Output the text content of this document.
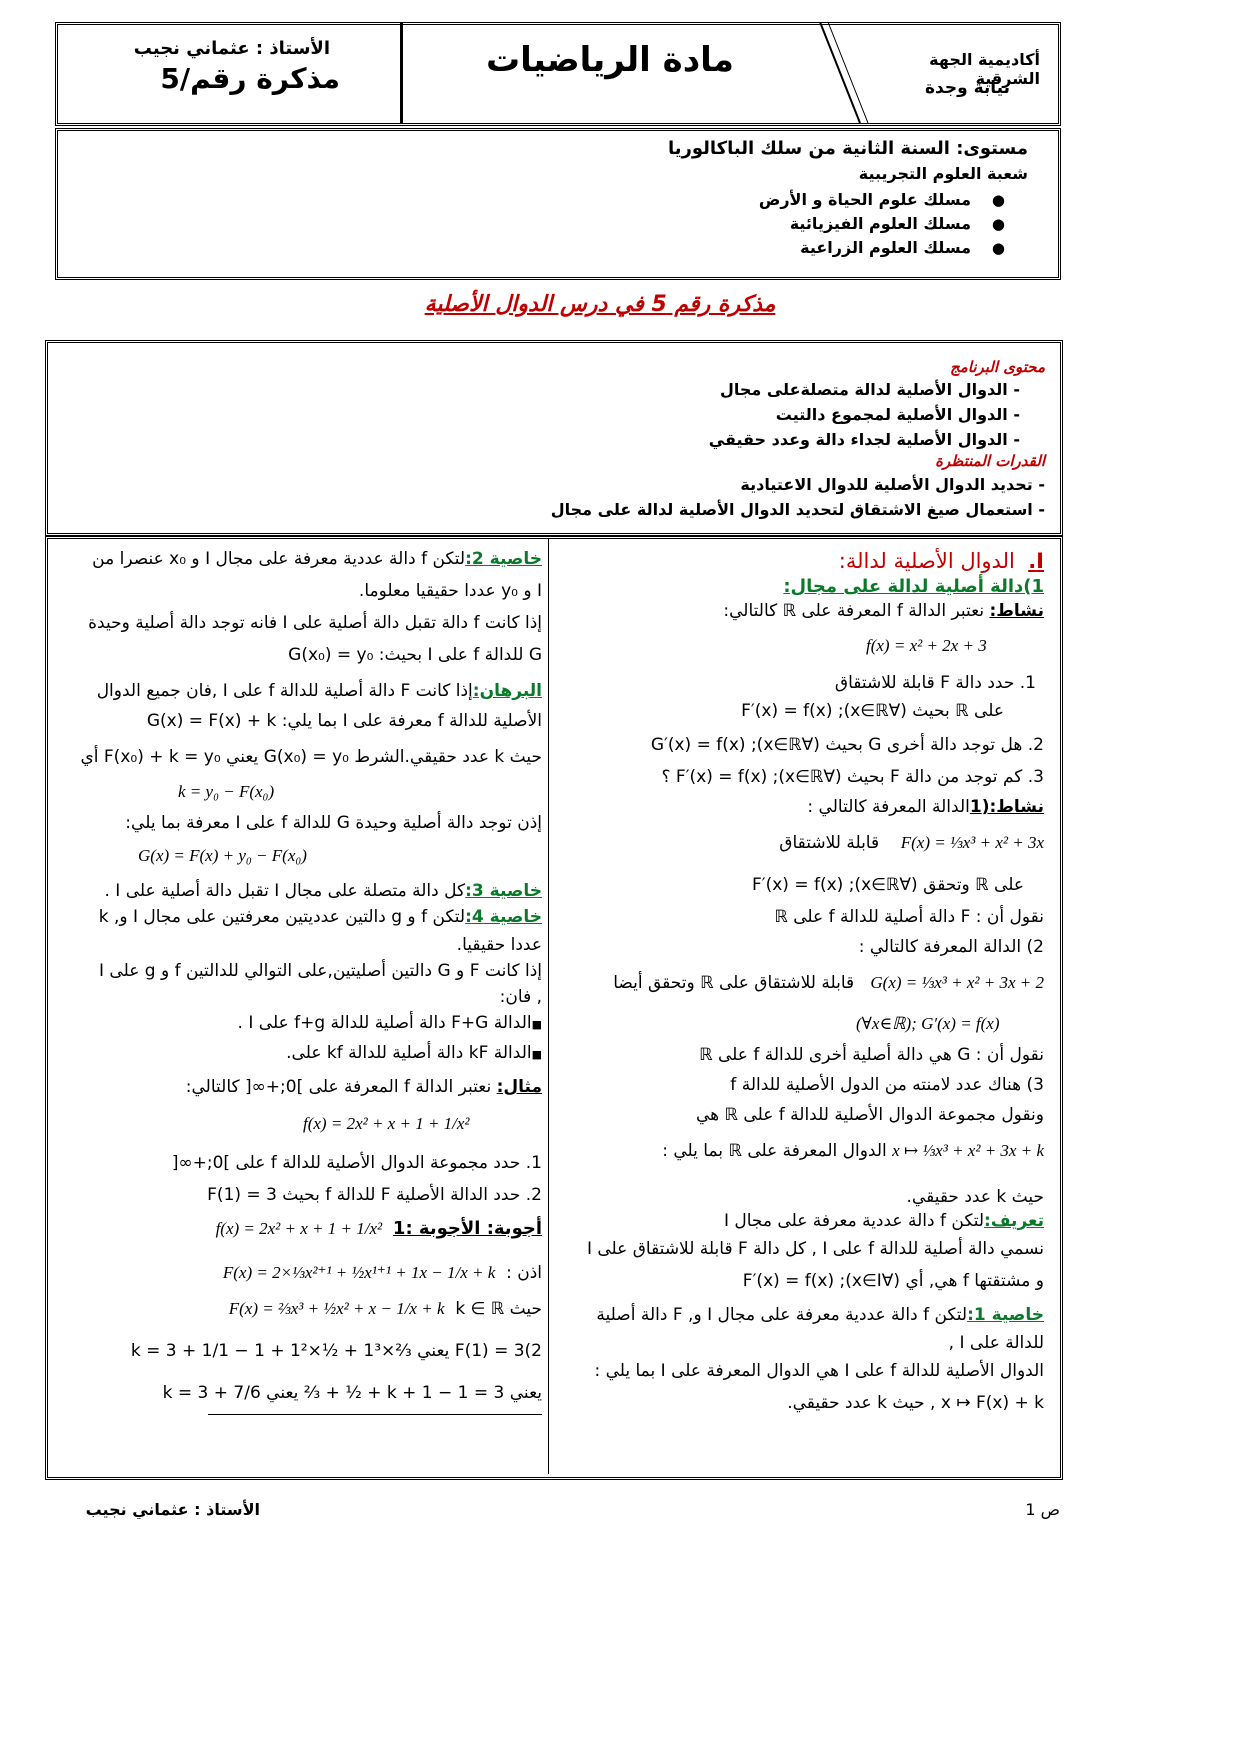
الأستاذ : عثماني نجيب
مذكرة رقم/5	مادة الرياضيات	أكاديمية الجهة الشرقية
نيابة وجدة
مستوى: السنة الثانية من سلك الباكالوريا
شعبة العلوم التجريبية
●    مسلك علوم الحياة و الأرض
●    مسلك العلوم الفيزيائية
●    مسلك العلوم الزراعية
مذكرة رقم 5 في درس الدوال الأصلية
محتوى البرنامج
- الدوال الأصلية لدالة متصلةعلى مجال
- الدوال الأصلية لمجموع دالتيت
- الدوال الأصلية لجداء دالة وعدد حقيقي
القدرات المنتظرة
- تحديد الدوال الأصلية للدوال الاعتيادية
- استعمال صيغ الاشتقاق لتحديد الدوال الأصلية لدالة على مجال
I.  الدوال الأصلية لدالة:
1)دالة أصلية لدالة على مجال:
نشاط: نعتبر الدالة f المعرفة على ℝ كالتالي:
f(x) = x² + 2x + 3
1. حدد دالة F قابلة للاشتقاق
على ℝ بحيث (∀x∈ℝ); F′(x) = f(x)
2. هل توجد دالة أخرى G بحيث (∀x∈ℝ); G′(x) = f(x)
3. كم توجد من دالة F بحيث (∀x∈ℝ); F′(x) = f(x) ؟
نشاط:(1الدالة المعرفة كالتالي :
F(x) = ⅓x³ + x² + 3x    قابلة للاشتقاق
على ℝ وتحقق (∀x∈ℝ); F′(x) = f(x)
نقول أن : F دالة أصلية للدالة f على ℝ
2) الدالة المعرفة كالتالي :
G(x) = ⅓x³ + x² + 3x + 2   قابلة للاشتقاق على ℝ وتحقق أيضا
(∀x∈ℝ); G′(x) = f(x)
نقول أن : G هي دالة أصلية أخرى للدالة f على ℝ
3) هناك عدد لامنته من الدول الأصلية للدالة f
ونقول مجموعة الدوال الأصلية للدالة f على ℝ هي
x ↦ ⅓x³ + x² + 3x + k الدوال المعرفة على ℝ بما يلي :
حيث k عدد حقيقي.
تعريف:لتكن f دالة عددية معرفة على مجال I
نسمي دالة أصلية للدالة f على I , كل دالة F قابلة للاشتقاق على I
و مشتقتها f هي, أي (∀x∈I); F′(x) = f(x)
خاصية 1:لتكن f دالة عددية معرفة على مجال I و, F دالة أصلية
للدالة على I ,
الدوال الأصلية للدالة f على I هي الدوال المعرفة على I بما يلي :
x ↦ F(x) + k , حيث k عدد حقيقي.
خاصية 2:لتكن f دالة عددية معرفة على مجال I و x₀ عنصرا من
I و y₀ عددا حقيقيا معلوما.
إذا كانت f دالة تقبل دالة أصلية على I فانه توجد دالة أصلية وحيدة
G للدالة f على I بحيث: G(x₀) = y₀
البرهان:إذا كانت F دالة أصلية للدالة f على I ,فان جميع الدوال
الأصلية للدالة f معرفة على I بما يلي: G(x) = F(x) + k
حيث k عدد حقيقي.الشرط G(x₀) = y₀ يعني F(x₀) + k = y₀ أي
k = y₀ − F(x₀)
إذن توجد دالة أصلية وحيدة G للدالة f على I معرفة بما يلي:
G(x) = F(x) + y₀ − F(x₀)
خاصية 3:كل دالة متصلة على مجال I تقبل دالة أصلية على I .
خاصية 4:لتكن f و g دالتين عدديتين معرفتين على مجال I و, k
عددا حقيقيا.
إذا كانت F و G دالتين أصليتين,على التوالي للدالتين f و g على I
, فان:
■الدالة F+G دالة أصلية للدالة f+g على I .
■الدالة kF دالة أصلية للدالة kf على.
مثال: نعتبر الدالة f المعرفة على ]0;+∞[ كالتالي:
f(x) = 2x² + x + 1 + 1/x²
1. حدد مجموعة الدوال الأصلية للدالة f على ]0;+∞[
2. حدد الدالة الأصلية F للدالة f بحيث F(1) = 3
أجوبة: الأجوبة :1  f(x) = 2x² + x + 1 + 1/x²
اذن :  F(x) = 2×⅓x²⁺¹ + ½x¹⁺¹ + 1x − 1/x + k
حيث k ∈ ℝ  F(x) = ⅔x³ + ½x² + x − 1/x + k
F(1) = 3(2 يعني ⅔×1³ + ½×1² + 1 − 1/1 + k = 3
يعني 3 = k + 1 − 1 + ½ + ⅔ يعني 7/6 + k = 3
ص 1
الأستاذ : عثماني نجيب
